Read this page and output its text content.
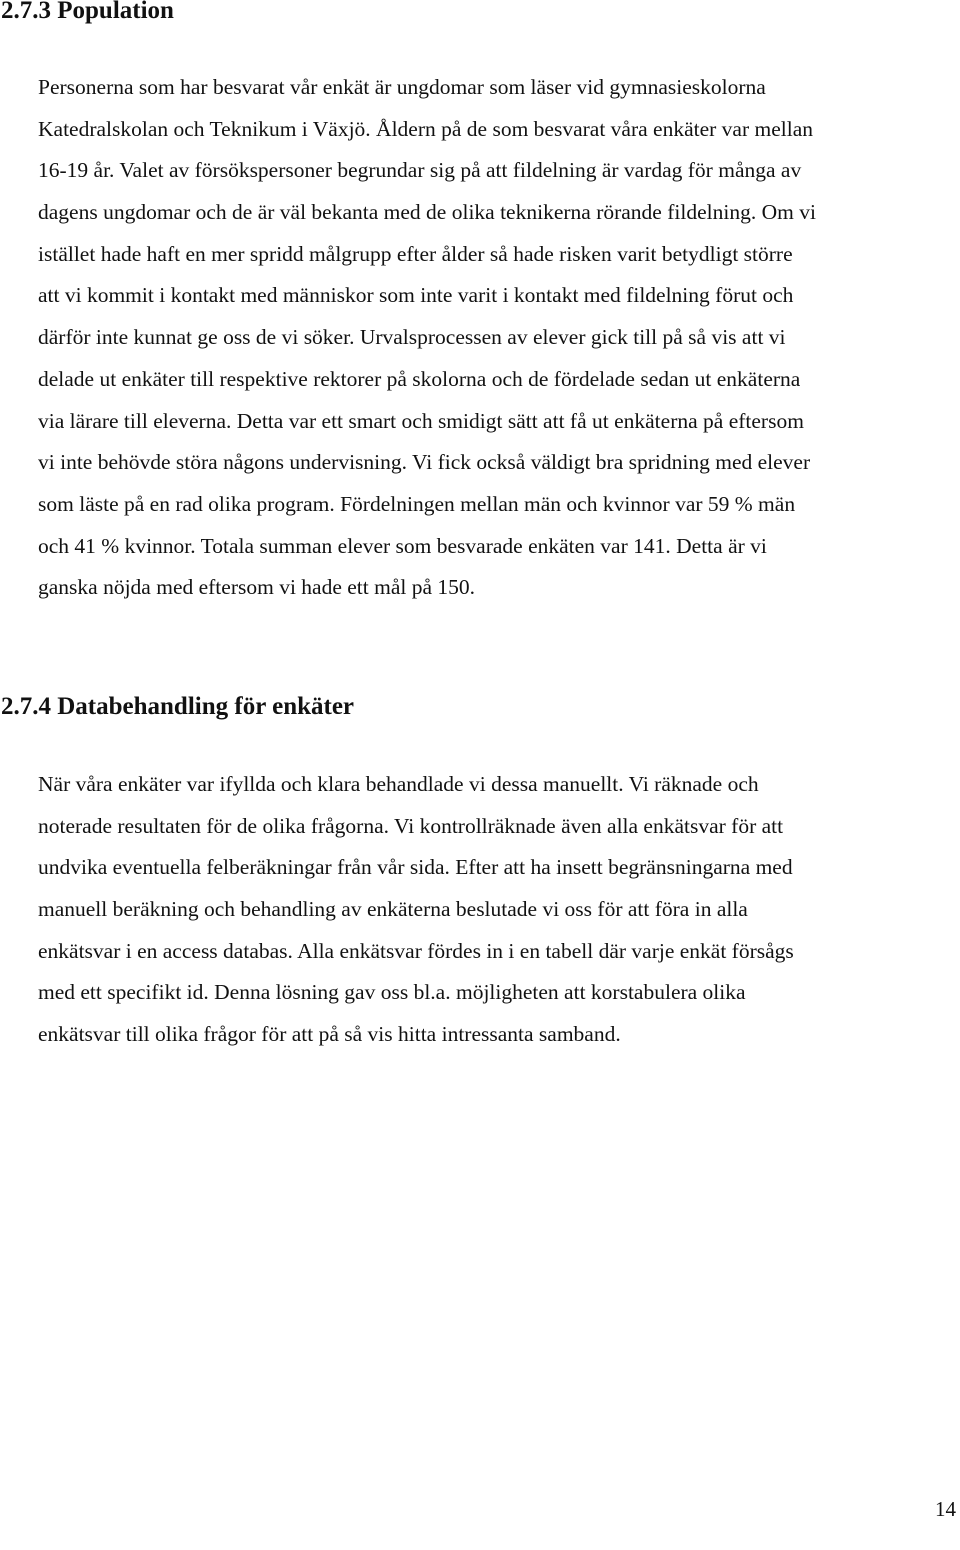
2.7.3 Population
Personerna som har besvarat vår enkät är ungdomar som läser vid gymnasieskolorna
Katedralskolan och Teknikum i Växjö. Åldern på de som besvarat våra enkäter var mellan
16-19 år. Valet av försökspersoner begrundar sig på att fildelning är vardag för många av
dagens ungdomar och de är väl bekanta med de olika teknikerna rörande fildelning. Om vi
istället hade haft en mer spridd målgrupp efter ålder så hade risken varit betydligt större
att vi kommit i kontakt med människor som inte varit i kontakt med fildelning förut och
därför inte kunnat ge oss de vi söker. Urvalsprocessen av elever gick till på så vis att vi
delade ut enkäter till respektive rektorer på skolorna och de fördelade sedan ut enkäterna
via lärare till eleverna. Detta var ett smart och smidigt sätt att få ut enkäterna på eftersom
vi inte behövde störa någons undervisning. Vi fick också väldigt bra spridning med elever
som läste på en rad olika program. Fördelningen mellan män och kvinnor var 59 % män
och 41 % kvinnor. Totala summan elever som besvarade enkäten var 141. Detta är vi
ganska nöjda med eftersom vi hade ett mål på 150.
2.7.4 Databehandling för enkäter
När våra enkäter var ifyllda och klara behandlade vi dessa manuellt. Vi räknade och
noterade resultaten för de olika frågorna. Vi kontrollräknade även alla enkätsvar för att
undvika eventuella felberäkningar från vår sida. Efter att ha insett begränsningarna med
manuell beräkning och behandling av enkäterna beslutade vi oss för att föra in alla
enkätsvar i en access databas. Alla enkätsvar fördes in i en tabell där varje enkät försågs
med ett specifikt id. Denna lösning gav oss bl.a. möjligheten att korstabulera olika
enkätsvar till olika frågor för att på så vis hitta intressanta samband.
14
